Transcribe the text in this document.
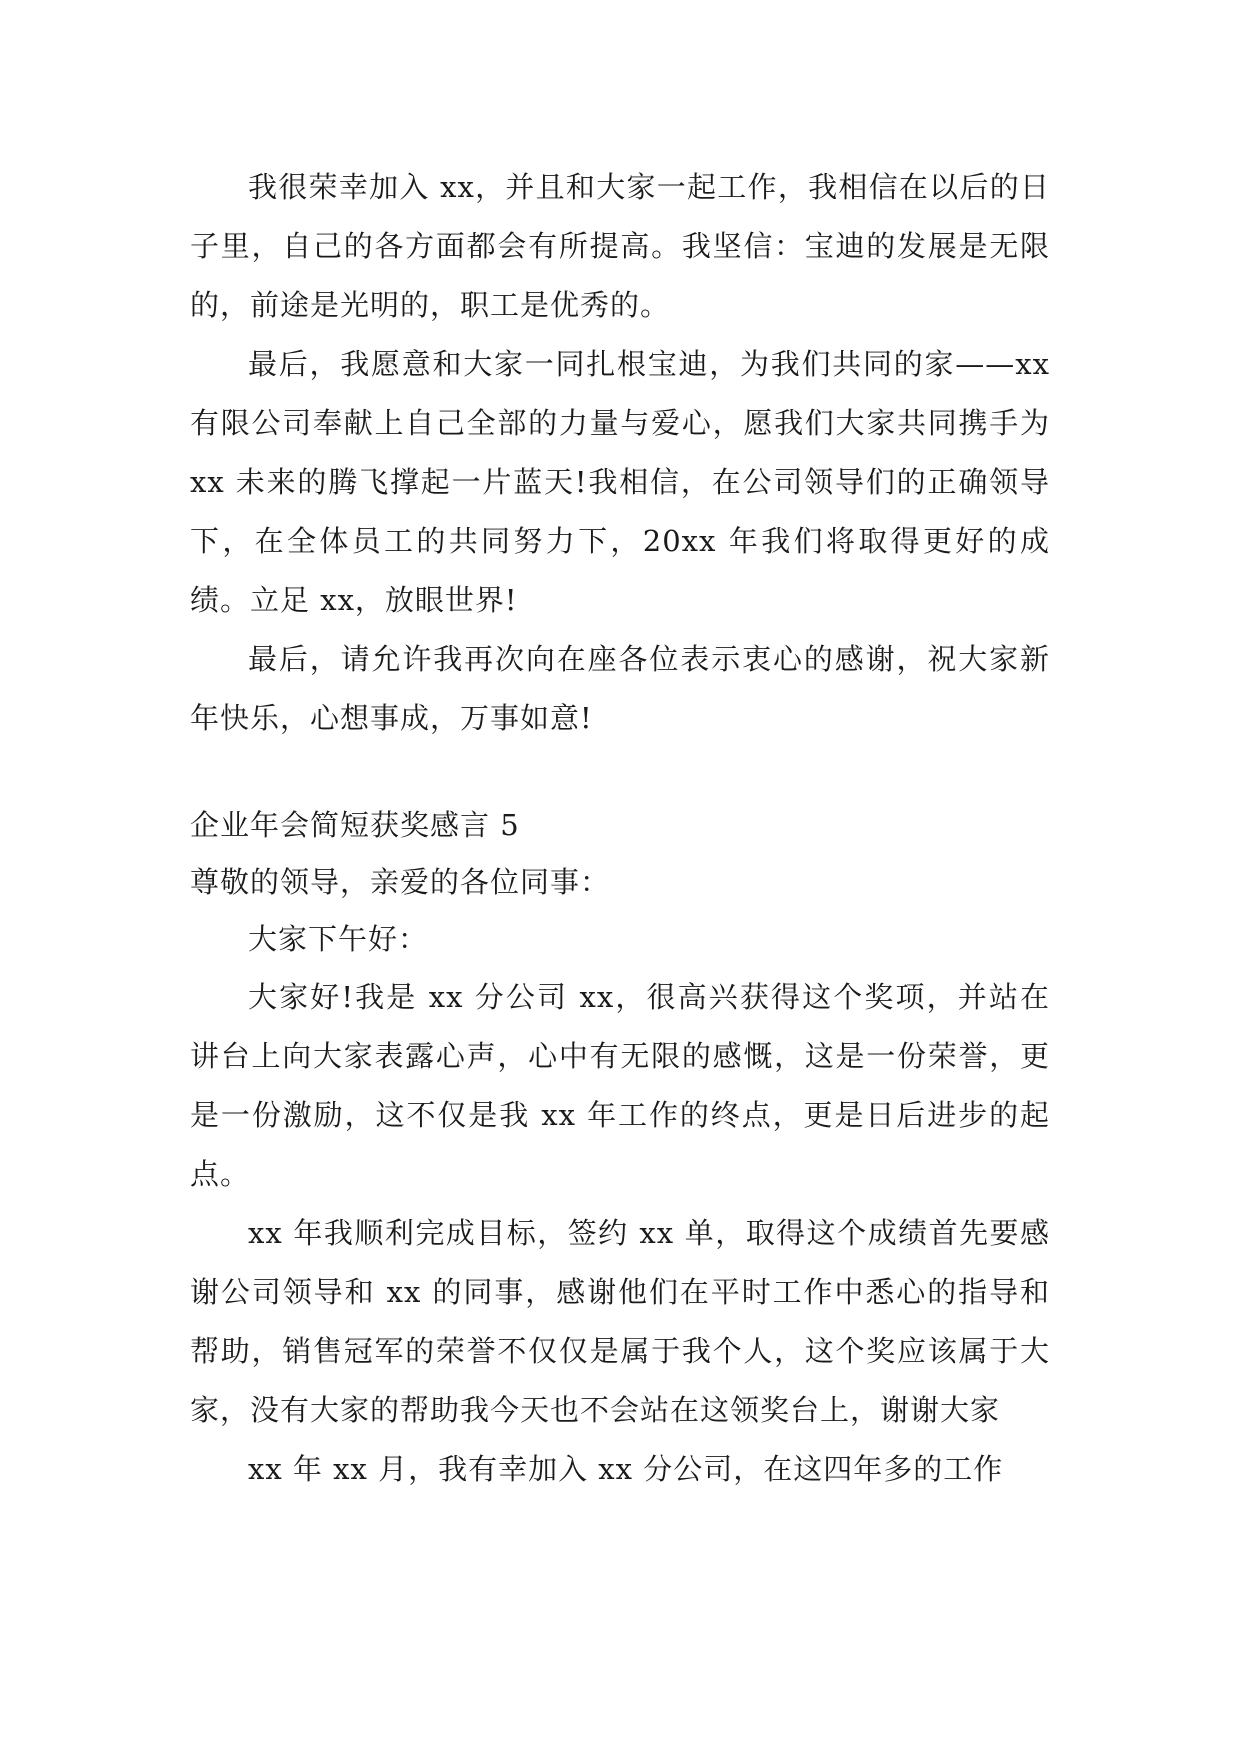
我很荣幸加入 xx，并且和大家一起工作，我相信在以后的日子里，自己的各方面都会有所提高。我坚信：宝迪的发展是无限的，前途是光明的，职工是优秀的。

最后，我愿意和大家一同扎根宝迪，为我们共同的家——xx 有限公司奉献上自己全部的力量与爱心，愿我们大家共同携手为 xx 未来的腾飞撑起一片蓝天!我相信，在公司领导们的正确领导下，在全体员工的共同努力下，20xx 年我们将取得更好的成绩。立足 xx，放眼世界!

最后，请允许我再次向在座各位表示衷心的感谢，祝大家新年快乐，心想事成，万事如意!

企业年会简短获奖感言 5

尊敬的领导，亲爱的各位同事：

大家下午好：

大家好!我是 xx 分公司 xx，很高兴获得这个奖项，并站在讲台上向大家表露心声，心中有无限的感慨，这是一份荣誉，更是一份激励，这不仅是我 xx 年工作的终点，更是日后进步的起点。

xx 年我顺利完成目标，签约 xx 单，取得这个成绩首先要感谢公司领导和 xx 的同事，感谢他们在平时工作中悉心的指导和帮助，销售冠军的荣誉不仅仅是属于我个人，这个奖应该属于大家，没有大家的帮助我今天也不会站在这领奖台上，谢谢大家

xx 年 xx 月，我有幸加入 xx 分公司，在这四年多的工作
